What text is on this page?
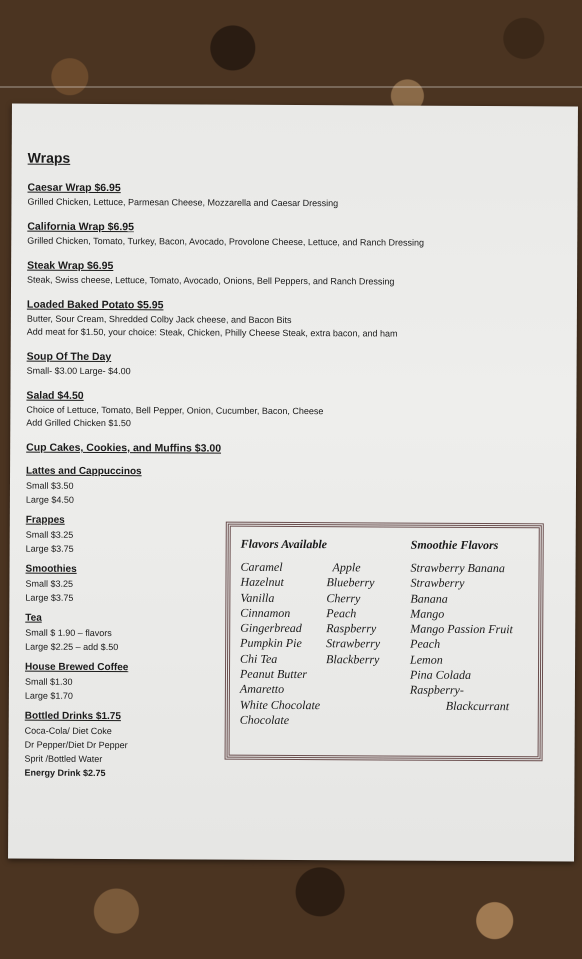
Wraps
Caesar Wrap $6.95
Grilled Chicken, Lettuce, Parmesan Cheese, Mozzarella and Caesar Dressing
California Wrap $6.95
Grilled Chicken, Tomato, Turkey, Bacon, Avocado, Provolone Cheese, Lettuce, and Ranch Dressing
Steak Wrap $6.95
Steak, Swiss cheese, Lettuce, Tomato, Avocado, Onions, Bell Peppers, and Ranch Dressing
Loaded Baked Potato $5.95
Butter, Sour Cream, Shredded Colby Jack cheese, and Bacon Bits
Add meat for $1.50, your choice: Steak, Chicken, Philly Cheese Steak, extra bacon, and ham
Soup Of The Day
Small- $3.00 Large- $4.00
Salad $4.50
Choice of Lettuce, Tomato, Bell Pepper, Onion, Cucumber, Bacon, Cheese
Add Grilled Chicken $1.50
Cup Cakes, Cookies, and Muffins $3.00
Lattes and Cappuccinos
Small $3.50
Large $4.50
Frappes
Small $3.25
Large $3.75
Smoothies
Small $3.25
Large $3.75
Tea
Small $ 1.90 – flavors
Large $2.25 – add $.50
House Brewed Coffee
Small $1.30
Large $1.70
Bottled Drinks $1.75
Coca-Cola/ Diet Coke
Dr Pepper/Diet Dr Pepper
Sprit /Bottled Water
Energy Drink $2.75
Flavors Available	Smoothie Flavors
Caramel
Hazelnut
Vanilla
Cinnamon
Gingerbread
Pumpkin Pie
Chi Tea
Peanut Butter
Amaretto
White Chocolate
Chocolate
Apple
Blueberry
Cherry
Peach
Raspberry
Strawberry
Blackberry
Strawberry Banana
Strawberry
Banana
Mango
Mango Passion Fruit
Peach
Lemon
Pina Colada
Raspberry-
Blackcurrant
